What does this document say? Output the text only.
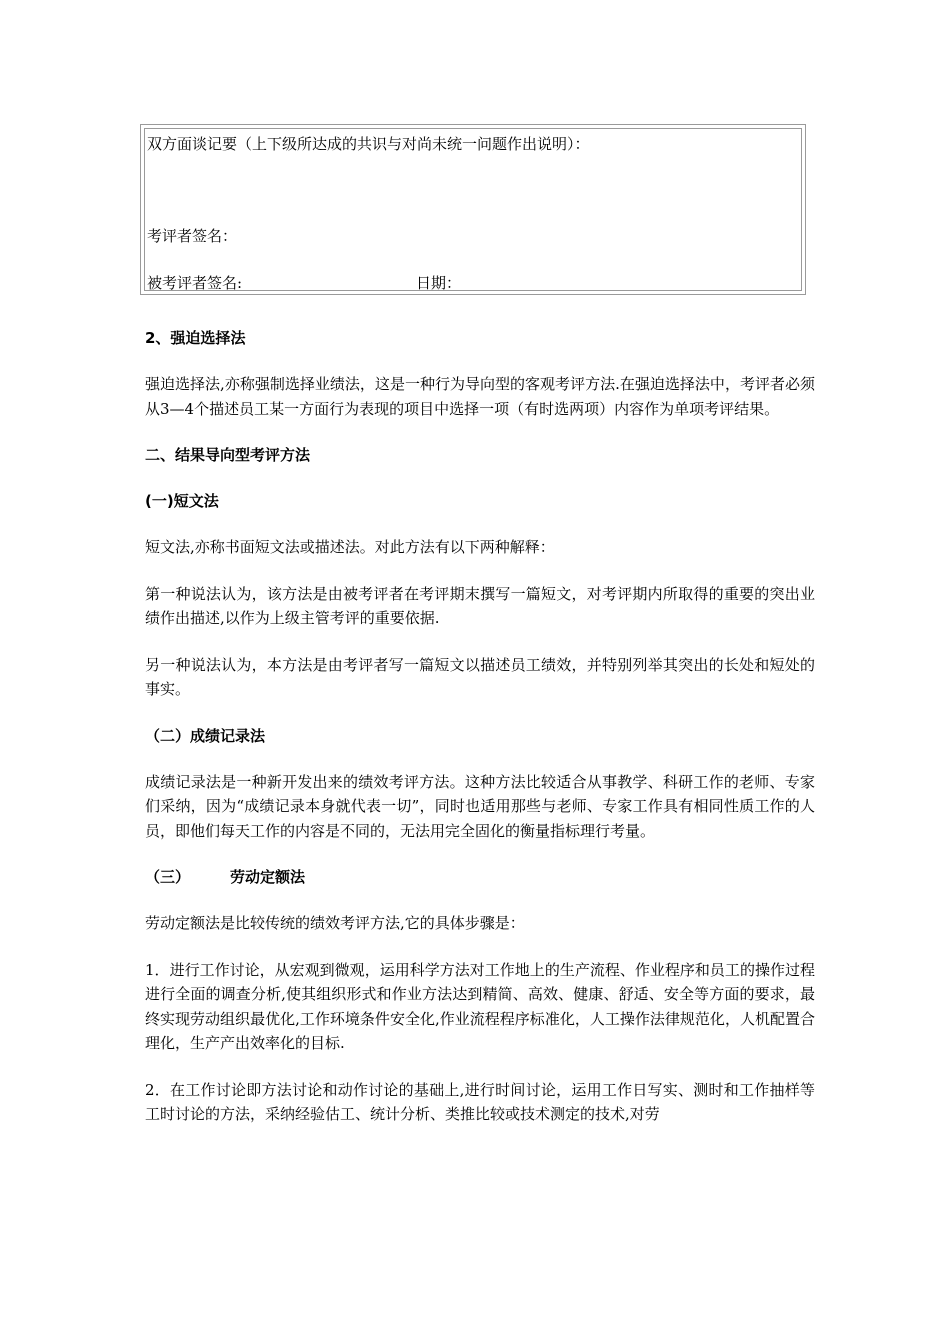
双方面谈记要（上下级所达成的共识与对尚未统一问题作出说明）：
考评者签名：
被考评者签名:	日期：

2、强迫选择法

强迫选择法,亦称强制选择业绩法，这是一种行为导向型的客观考评方法.在强迫选择法中，考评者必须从3—4个描述员工某一方面行为表现的项目中选择一项（有时选两项）内容作为单项考评结果。

二、结果导向型考评方法

(一)短文法

短文法,亦称书面短文法或描述法。对此方法有以下两种解释：

第一种说法认为，该方法是由被考评者在考评期末撰写一篇短文，对考评期内所取得的重要的突出业绩作出描述,以作为上级主管考评的重要依据.

另一种说法认为，本方法是由考评者写一篇短文以描述员工绩效，并特别列举其突出的长处和短处的事实。

（二）成绩记录法

成绩记录法是一种新开发出来的绩效考评方法。这种方法比较适合从事教学、科研工作的老师、专家们采纳，因为“成绩记录本身就代表一切”，同时也适用那些与老师、专家工作具有相同性质工作的人员，即他们每天工作的内容是不同的，无法用完全固化的衡量指标理行考量。

（三）	劳动定额法

劳动定额法是比较传统的绩效考评方法,它的具体步骤是：

1．进行工作讨论，从宏观到微观，运用科学方法对工作地上的生产流程、作业程序和员工的操作过程进行全面的调查分析,使其组织形式和作业方法达到精简、高效、健康、舒适、安全等方面的要求，最终实现劳动组织最优化,工作环境条件安全化,作业流程程序标准化，人工操作法律规范化，人机配置合理化，生产产出效率化的目标.

2．在工作讨论即方法讨论和动作讨论的基础上,进行时间讨论，运用工作日写实、测时和工作抽样等工时讨论的方法，采纳经验估工、统计分析、类推比较或技术测定的技术,对劳
